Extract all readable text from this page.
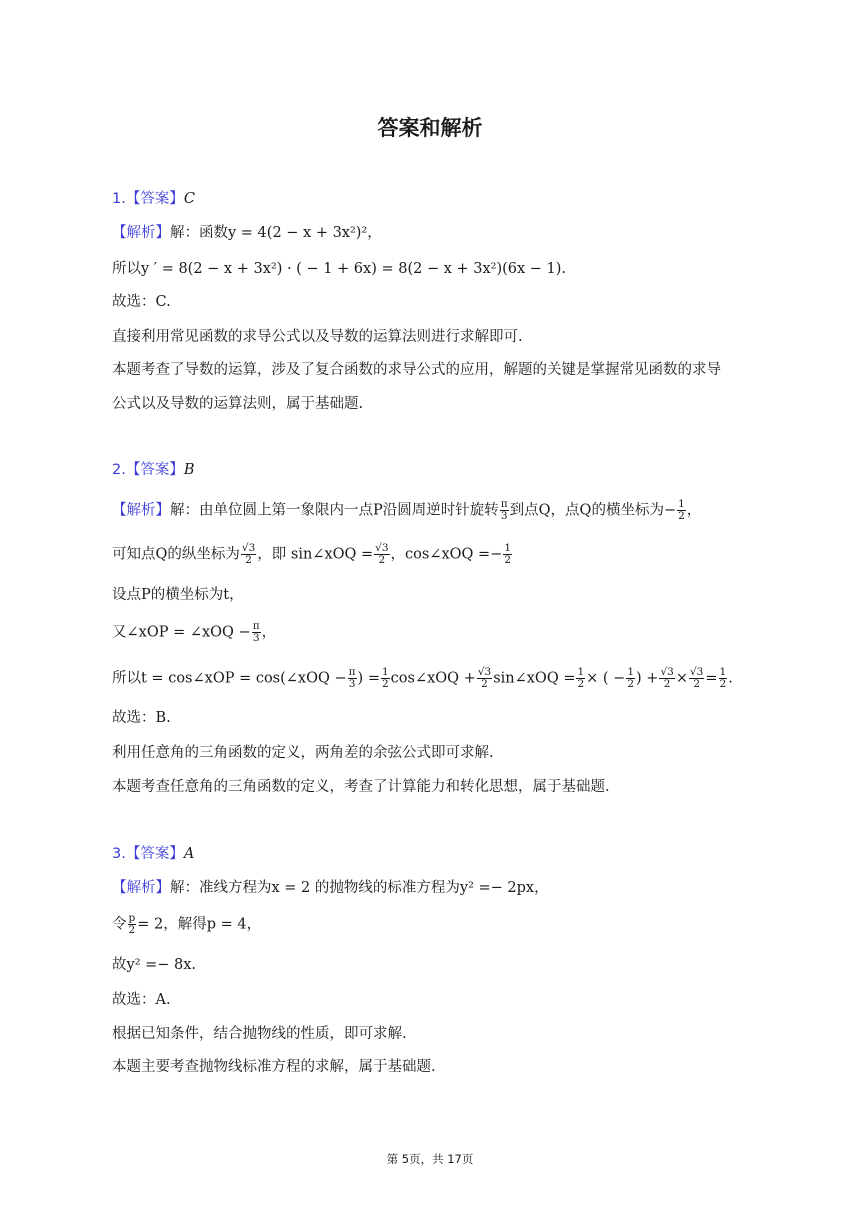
答案和解析
1.【答案】C
【解析】解：函数y = 4(2 − x + 3x²)²，
所以y ′ = 8(2 − x + 3x²) · ( − 1 + 6x) = 8(2 − x + 3x²)(6x − 1).
故选：C.
直接利用常见函数的求导公式以及导数的运算法则进行求解即可.
本题考查了导数的运算，涉及了复合函数的求导公式的应用，解题的关键是掌握常见函数的求导
公式以及导数的运算法则，属于基础题.
2.【答案】B
【解析】解：由单位圆上第一象限内一点P沿圆周逆时针旋转 $\frac{\pi}{3}$ 到点Q，点Q的横坐标为− $\frac{1}{2}$ ，
可知点Q的纵坐标为 $\frac{√3}{2}$ ，即 sin∠xOQ = $\frac{√3}{2}$ ，cos∠xOQ =− $\frac{1}{2}$
设点P的横坐标为t，
又∠xOP = ∠xOQ − $\frac{\pi}{3}$ ，
所以t = cos∠xOP = cos(∠xOQ − $\frac{\pi}{3}$ ) = $\frac{1}{2}$ cos∠xOQ + $\frac{√3}{2}$ sin∠xOQ = $\frac{1}{2}$ × ( − $\frac{1}{2}$ ) + $\frac{√3}{2} \times \frac{√3}{2} = \frac{1}{2}$ .
故选：B.
利用任意角的三角函数的定义，两角差的余弦公式即可求解.
本题考查任意角的三角函数的定义，考查了计算能力和转化思想，属于基础题.
3.【答案】A
【解析】解：准线方程为x = 2 的抛物线的标准方程为y² =− 2px，
令 $\frac{p}{2} = 2$，解得p = 4，
故y² =− 8x.
故选：A.
根据已知条件，结合抛物线的性质，即可求解.
本题主要考查抛物线标准方程的求解，属于基础题.
第 5页，共 17页
